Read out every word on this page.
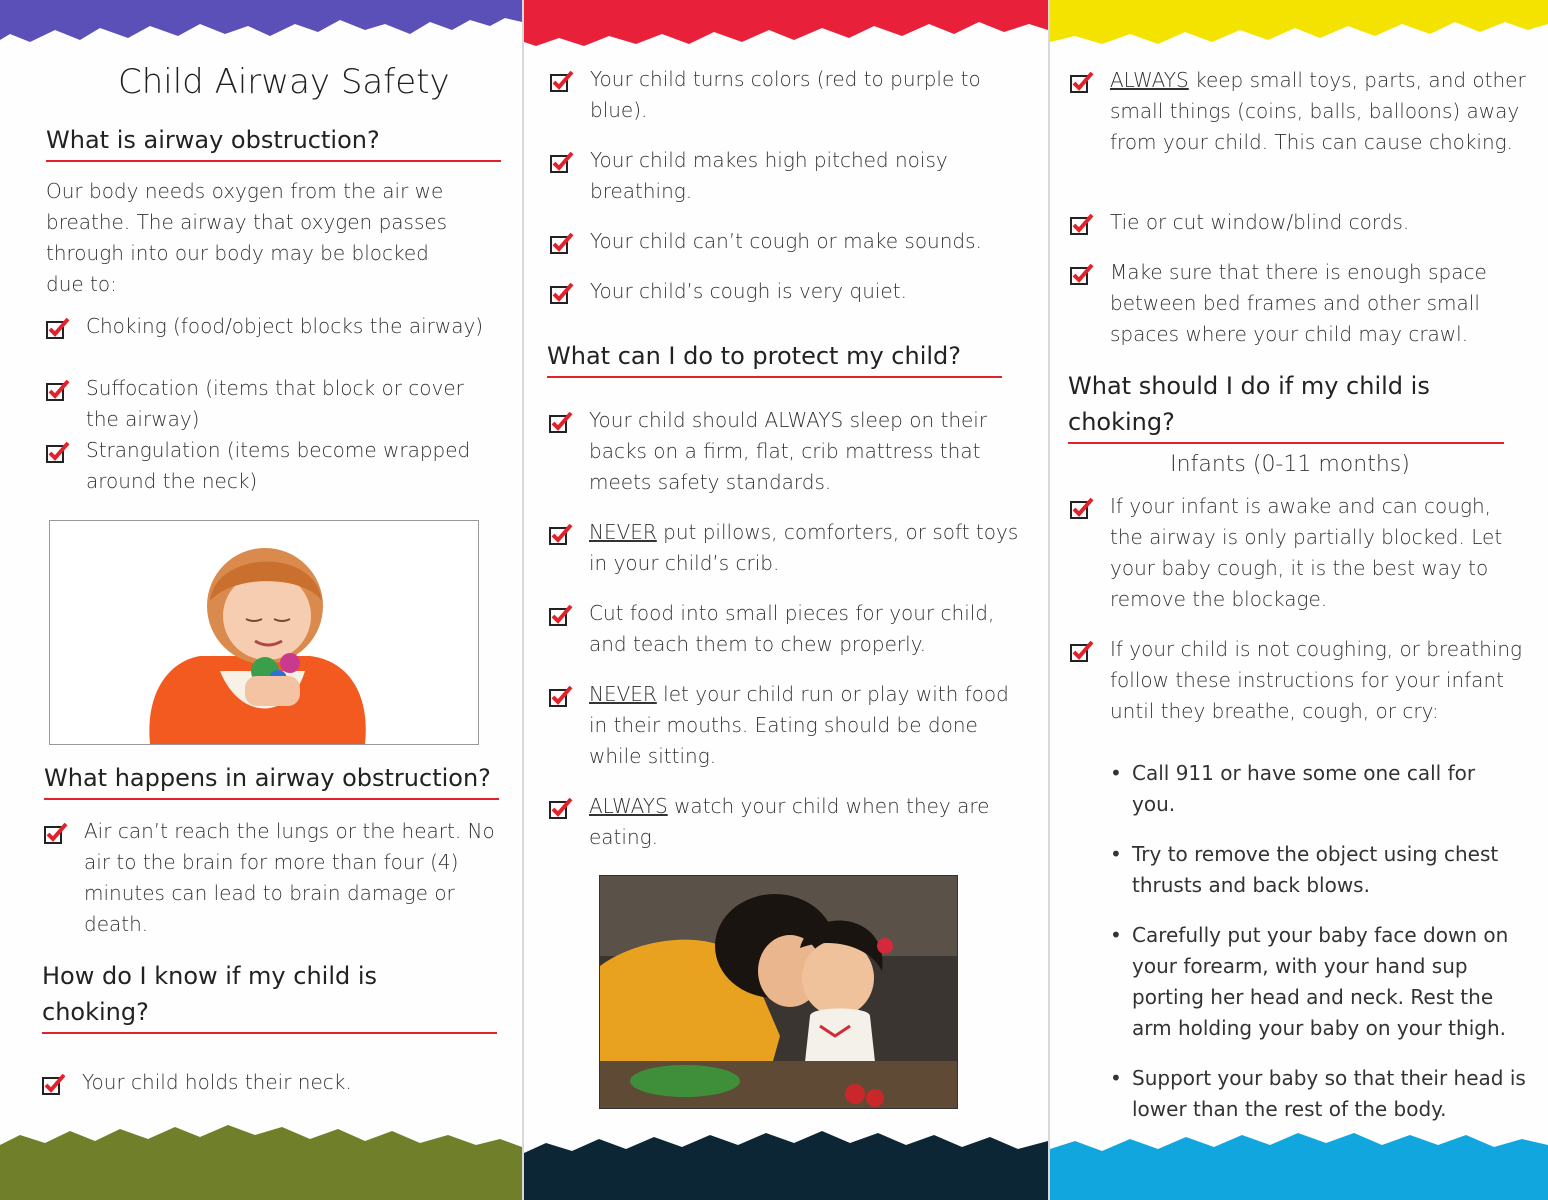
Child Airway Safety
What is airway obstruction?
Our body needs oxygen from the air we breathe. The airway that oxygen passes through into our body may be blocked due to:
Choking (food/object blocks the airway)
Suffocation (items that block or cover the airway)
Strangulation (items become wrapped around the neck)
What happens in airway obstruction?
Air can’t reach the lungs or the heart. No air to the brain for more than four (4) minutes can lead to brain damage or death.
How do I know if my child is choking?
Your child holds their neck.
Your child turns colors (red to purple to blue).
Your child makes high pitched noisy breathing.
Your child can’t cough or make sounds.
Your child’s cough is very quiet.
What can I do to protect my child?
Your child should ALWAYS sleep on their backs on a firm, flat, crib mattress that meets safety standards.
NEVER put pillows, comforters, or soft toys in your child’s crib.
Cut food into small pieces for your child, and teach them to chew properly.
NEVER let your child run or play with food in their mouths. Eating should be done while sitting.
ALWAYS watch your child when they are eating.
ALWAYS keep small toys, parts, and other small things (coins, balls, balloons) away from your child. This can cause choking.
Tie or cut window/blind cords.
Make sure that there is enough space between bed frames and other small spaces where your child may crawl.
What should I do if my child is choking?
Infants (0-11 months)
If your infant is awake and can cough, the airway is only partially blocked. Let your baby cough, it is the best way to remove the blockage.
If your child is not coughing, or breathing follow these instructions for your infant until they breathe, cough, or cry:
• Call 911 or have some one call for you.
• Try to remove the object using chest thrusts and back blows.
• Carefully put your baby face down on your forearm, with your hand sup porting her head and neck. Rest the arm holding your baby on your thigh.
• Support your baby so that their head is lower than the rest of the body.
